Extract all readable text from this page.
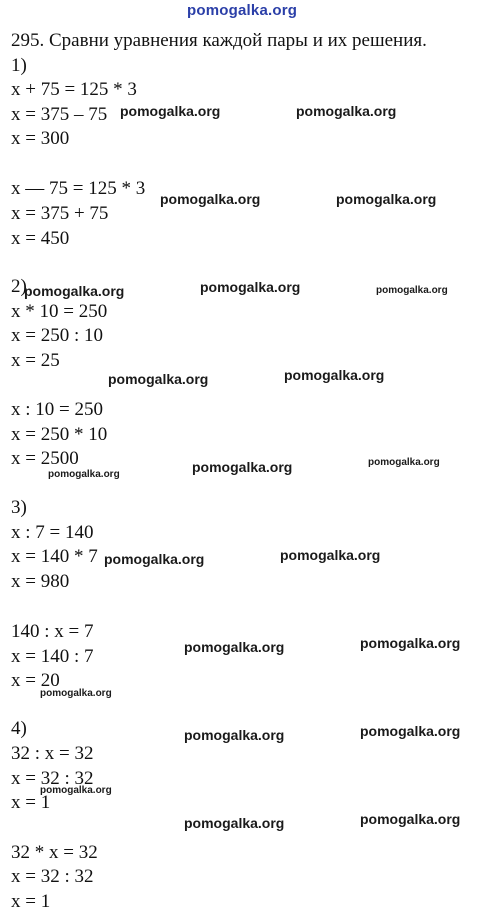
pomogalka.org
295. Сравни уравнения каждой пары и их решения.
1)
x + 75 = 125 * 3
x = 375 – 75
x = 300
x — 75 = 125 * 3
x = 375 + 75
x = 450
2)
x * 10 = 250
x = 250 : 10
x = 25
x : 10 = 250
x = 250 * 10
x = 2500
3)
x : 7 = 140
x = 140 * 7
x = 980
140 : x = 7
x = 140 : 7
x = 20
4)
32 : x = 32
x = 32 : 32
x = 1
32 * x = 32
x = 32 : 32
x = 1
pomogalka.org	pomogalka.org
pomogalka.org	pomogalka.org
pomogalka.org	pomogalka.org	pomogalka.org
pomogalka.org	pomogalka.org
pomogalka.org	pomogalka.org	pomogalka.org
pomogalka.org	pomogalka.org
pomogalka.org	pomogalka.org
pomogalka.org
pomogalka.org	pomogalka.org
pomogalka.org
pomogalka.org	pomogalka.org
